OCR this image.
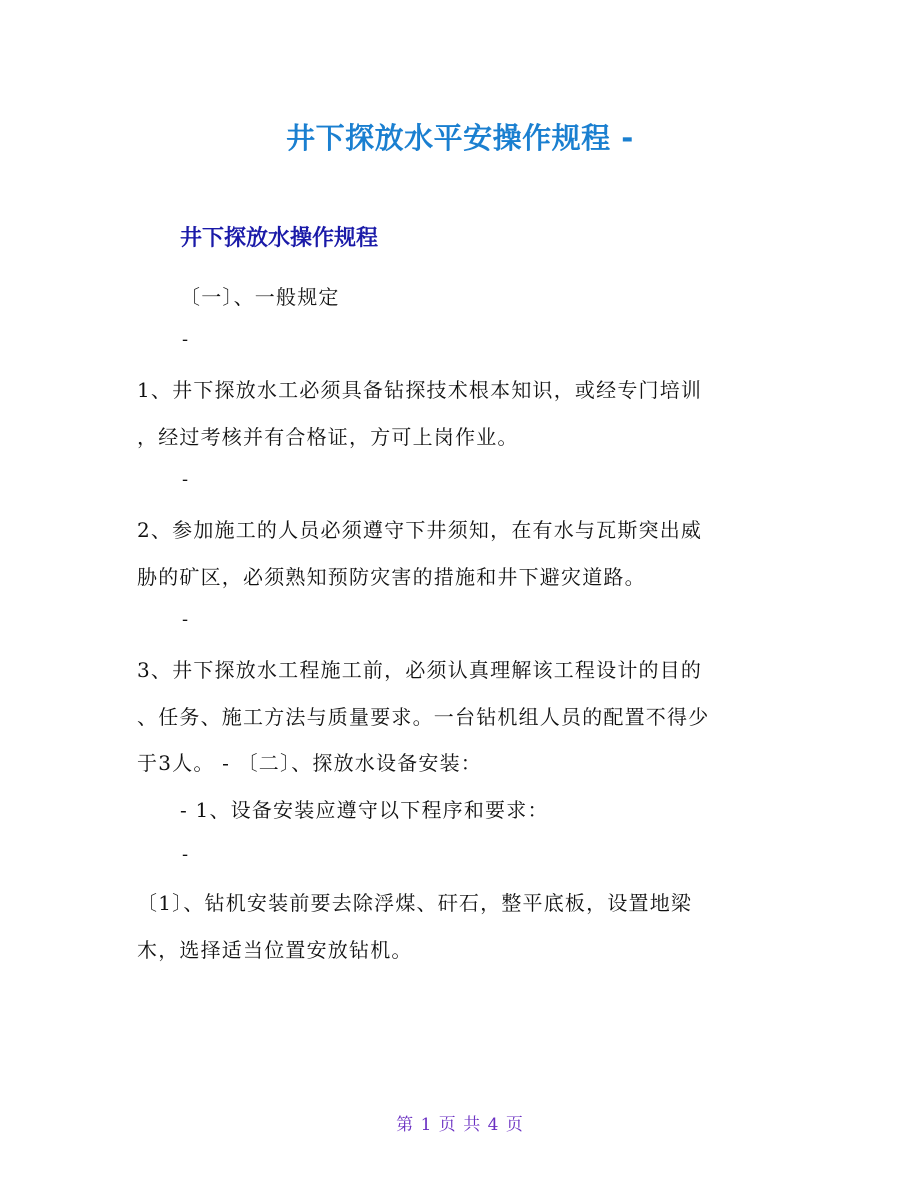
井下探放水平安操作规程 -
井下探放水操作规程
〔一〕、一般规定
-
1、井下探放水工必须具备钻探技术根本知识，或经专门培训
，经过考核并有合格证，方可上岗作业。
-
2、参加施工的人员必须遵守下井须知，在有水与瓦斯突出威
胁的矿区，必须熟知预防灾害的措施和井下避灾道路。
-
3、井下探放水工程施工前，必须认真理解该工程设计的目的
、任务、施工方法与质量要求。一台钻机组人员的配置不得少
于3人。 - 〔二〕、探放水设备安装：
- 1、设备安装应遵守以下程序和要求：
-
〔1〕、钻机安装前要去除浮煤、矸石，整平底板，设置地梁
木，选择适当位置安放钻机。
第 1 页 共 4 页
